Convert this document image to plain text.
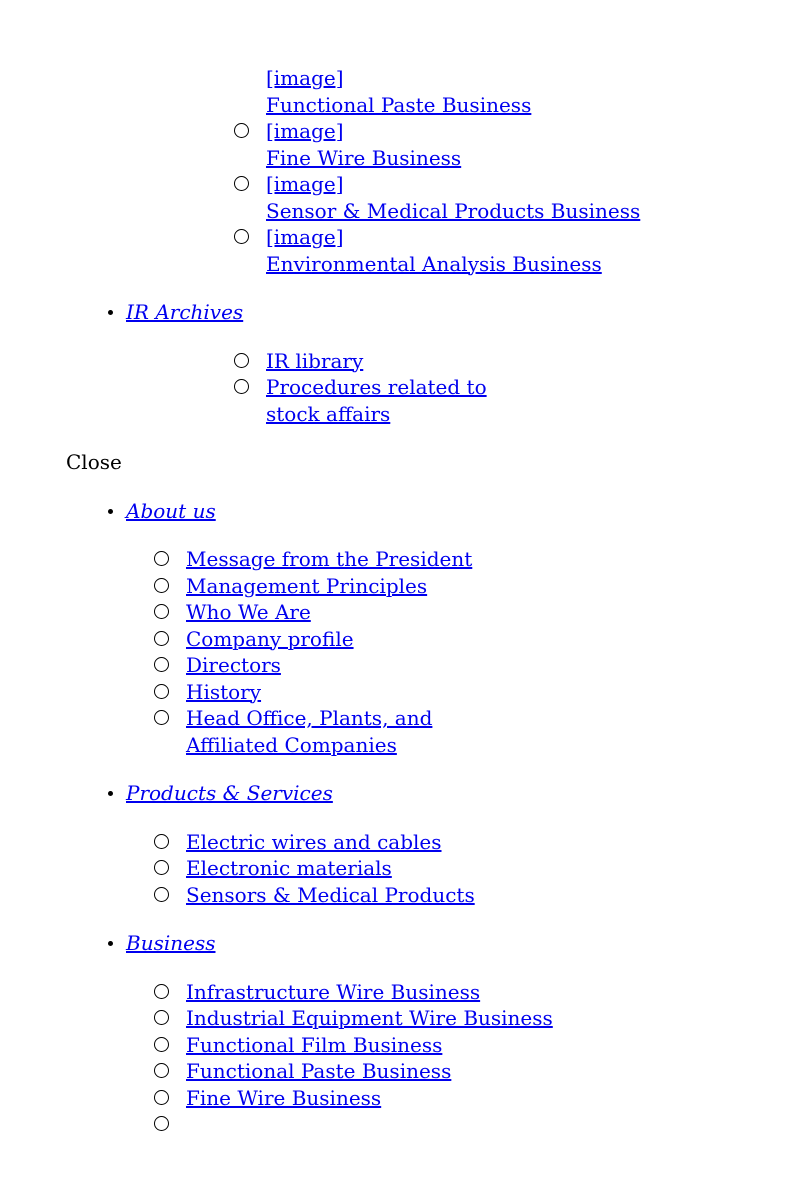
[image]
Functional Paste Business
[image]
Fine Wire Business
[image]
Sensor & Medical Products Business
[image]
Environmental Analysis Business
IR Archives
IR library
Procedures related to stock affairs
Close
About us
Message from the President
Management Principles
Who We Are
Company profile
Directors
History
Head Office, Plants, and Affiliated Companies
Products & Services
Electric wires and cables
Electronic materials
Sensors & Medical Products
Business
Infrastructure Wire Business
Industrial Equipment Wire Business
Functional Film Business
Functional Paste Business
Fine Wire Business
